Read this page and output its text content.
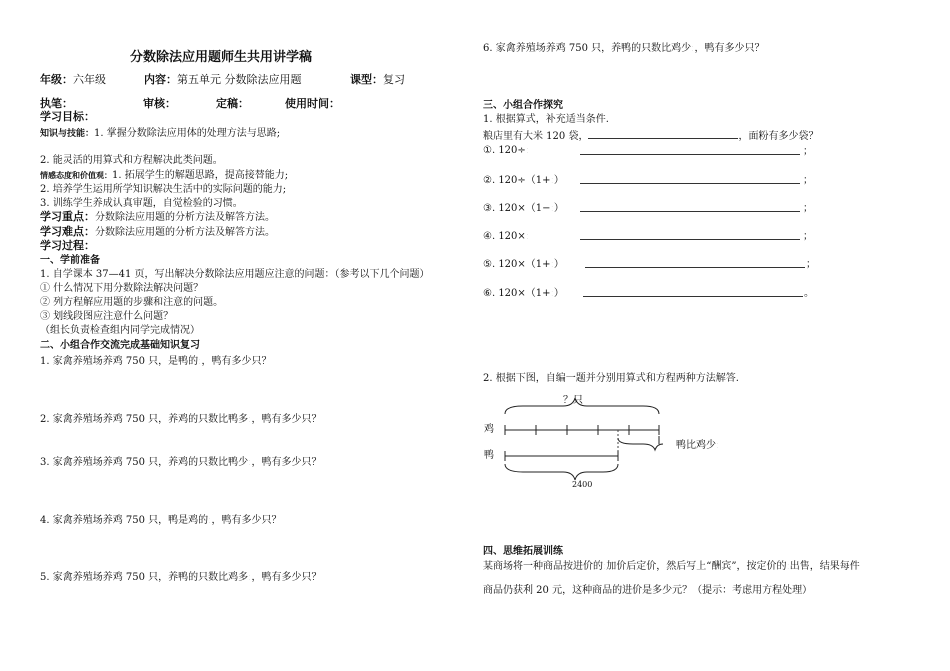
分数除法应用题师生共用讲学稿
年级：六年级	内容：第五单元 分数除法应用题	课型：复习
执笔：	审核：	定稿：	使用时间：
学习目标：
知识与技能：1. 掌握分数除法应用体的处理方法与思路;
2. 能灵活的用算式和方程解决此类问题。
情感态度和价值观：1. 拓展学生的解题思路，提高接替能力;
2. 培养学生运用所学知识解决生活中的实际问题的能力;
3. 训练学生养成认真审题，自觉检验的习惯。
学习重点：分数除法应用题的分析方法及解答方法。
学习难点：分数除法应用题的分析方法及解答方法。
学习过程：
一、学前准备
1. 自学课本 37—41 页，写出解决分数除法应用题应注意的问题：（参考以下几个问题）
① 什么情况下用分数除法解决问题？
② 列方程解应用题的步骤和注意的问题。
③ 划线段图应注意什么问题？
（组长负责检查组内同学完成情况）
二、小组合作交流完成基础知识复习
1. 家禽养殖场养鸡 750 只，是鸭的 ·
· ，鸭有多少只？
2. 家禽养殖场养鸡 750 只，养鸡的只数比鸭多 ·
· ，鸭有多少只？
3. 家禽养殖场养鸡 750 只，养鸡的只数比鸭少 ·
· ，鸭有多少只？
4. 家禽养殖场养鸡 750 只，鸭是鸡的 ·
· ，鸭有多少只？
5. 家禽养殖场养鸡 750 只，养鸭的只数比鸡多 ·
· ，鸭有多少只？
6. 家禽养殖场养鸡 750 只，养鸭的只数比鸡少 ·
· ，鸭有多少只？
三、小组合作探究
1. 根据算式，补充适当条件.
粮店里有大米 120 袋，	，面粉有多少袋？
①. 120÷ ·
·	；
②. 120÷（1+ ·
· ）	；
③. 120×（1− ·
· ）	；
④. 120× ·
·	；
⑤. 120×（1+ ·
· ）	；
⑥. 120×（1+ ·
· ）	。
2. 根据下图，自编一题并分别用算式和方程两种方法解答.
？只
鸡
鸭
鸭比鸡少 ·
·
2400
四、思维拓展训练
某商场将一种商品按进价的 ·
· 加价后定价，然后写上“酬宾”，按定价的 ·
· 出售，结果每件
商品仍获利 20 元，这种商品的进价是多少元？（提示：考虑用方程处理）
